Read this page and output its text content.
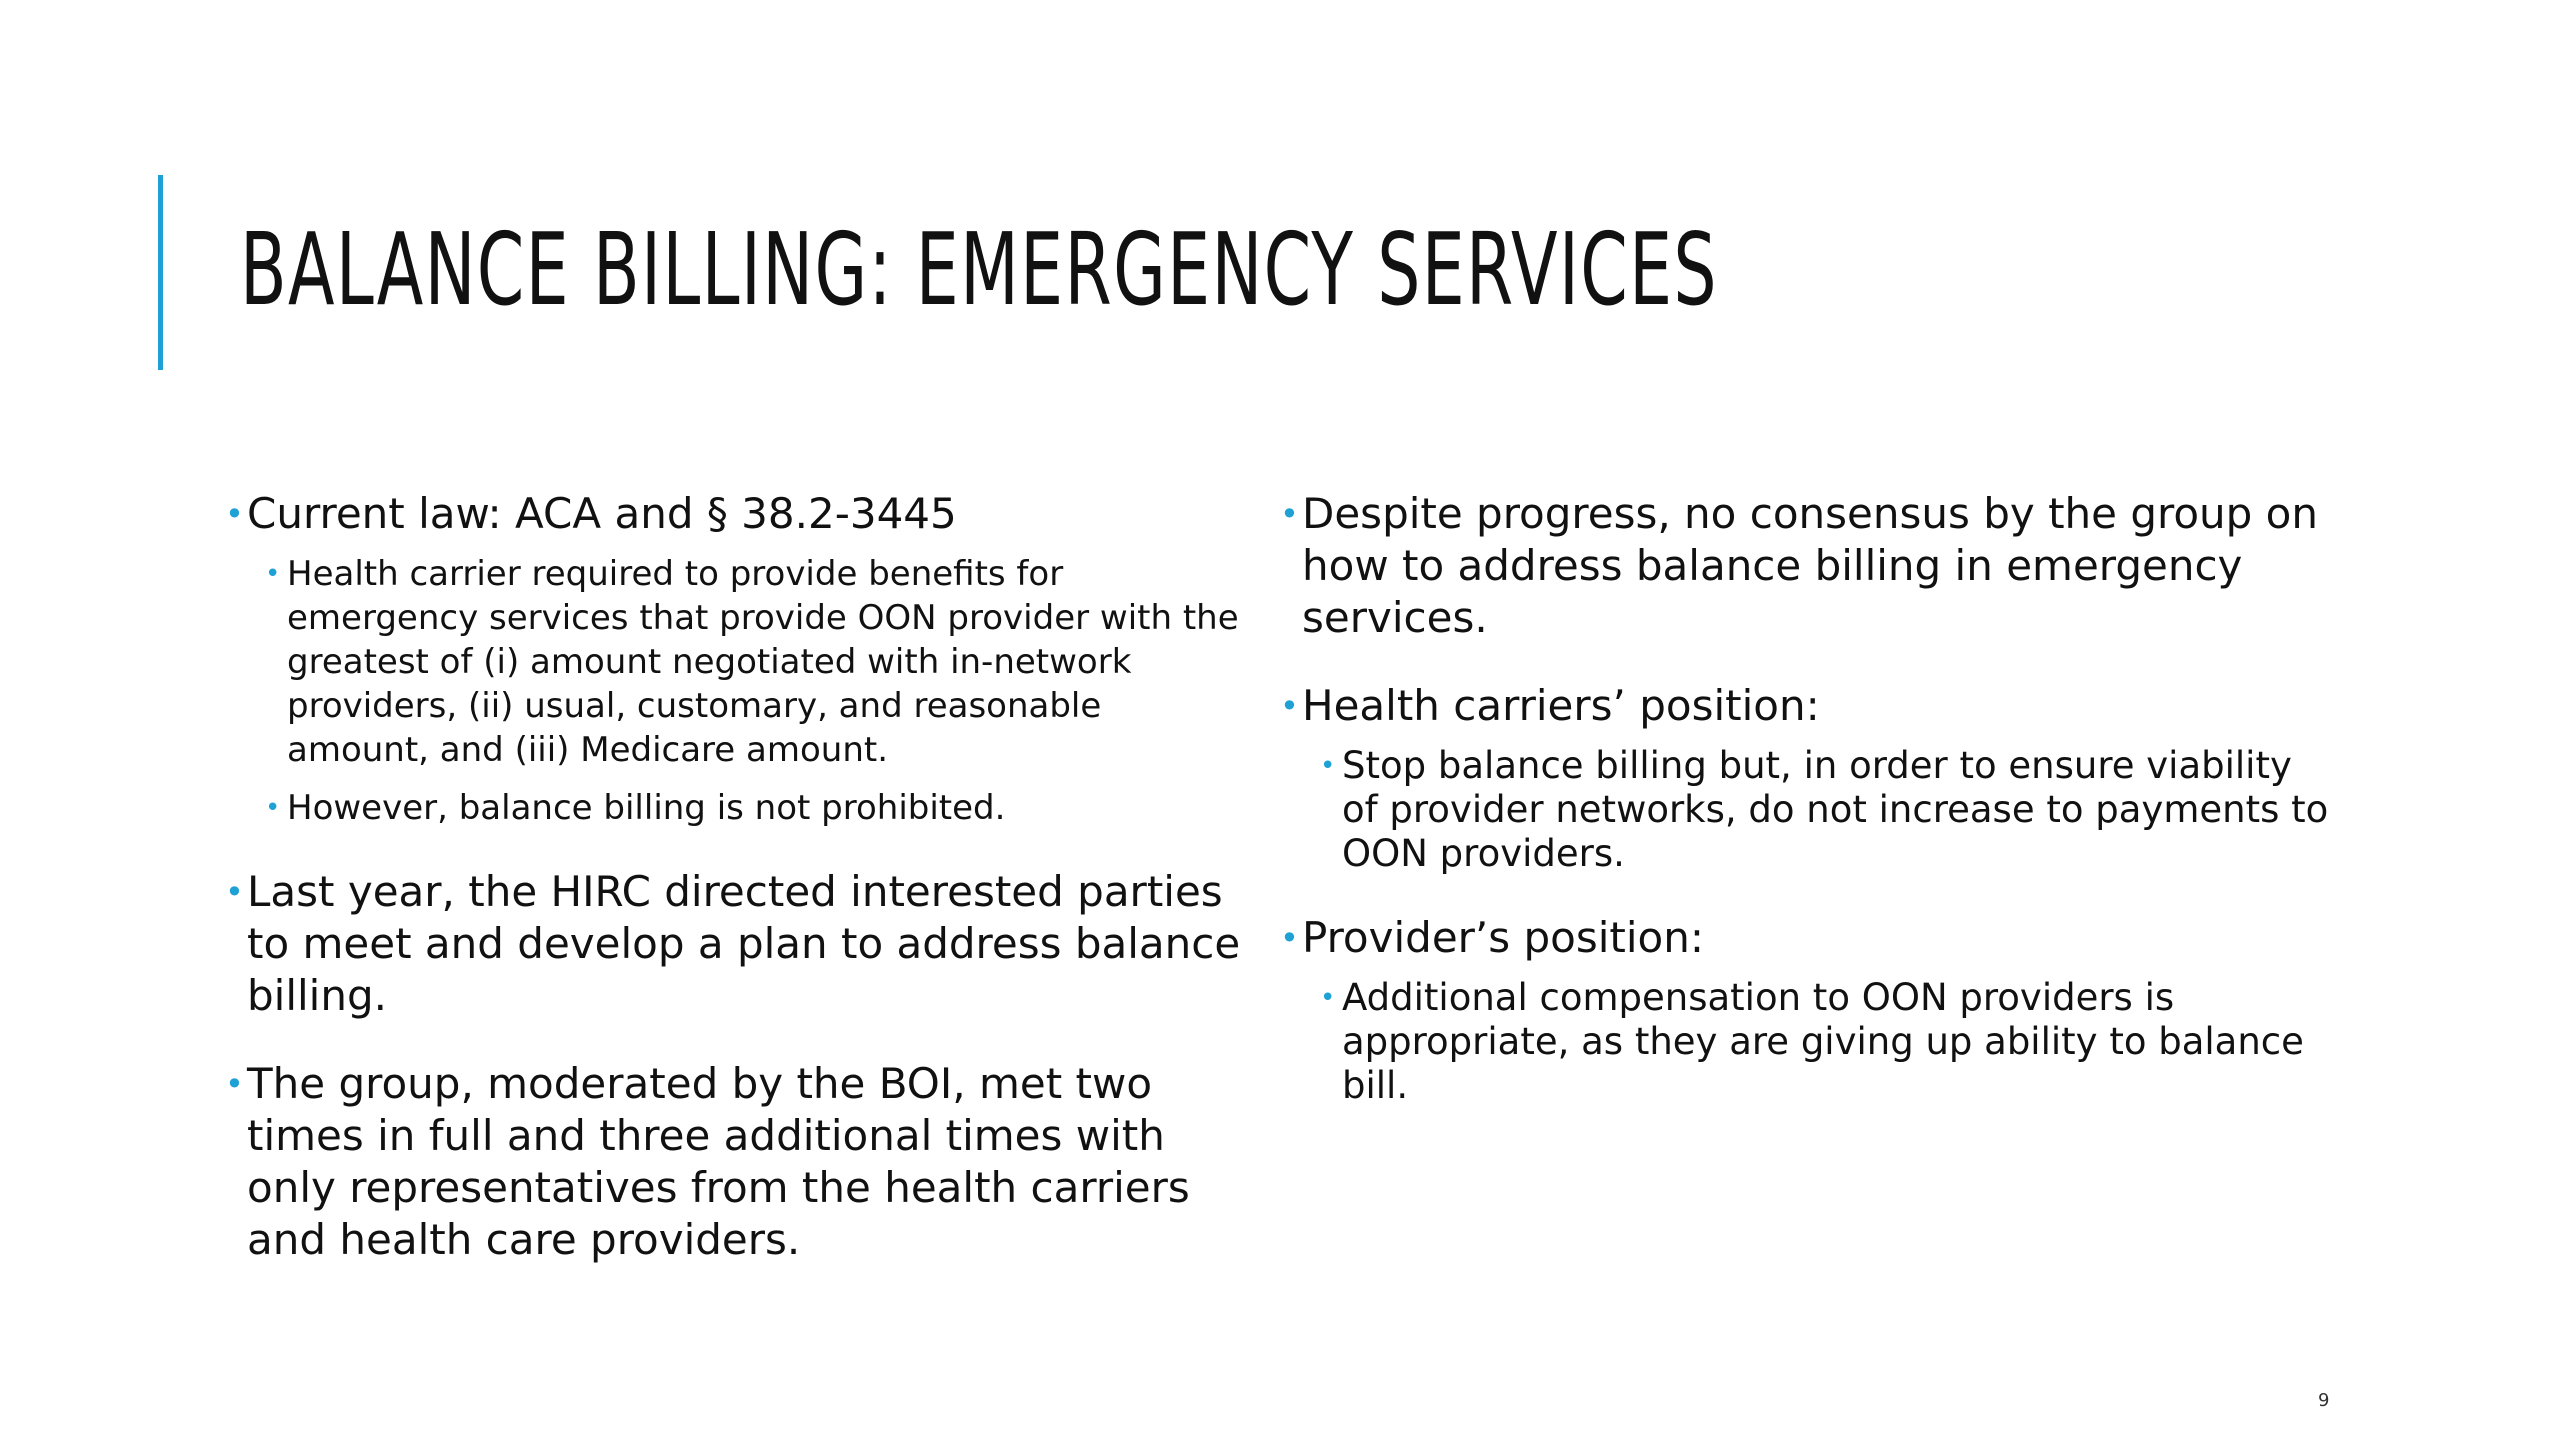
BALANCE BILLING: EMERGENCY SERVICES
• Current law: ACA and § 38.2-3445
• Health carrier required to provide benefits for emergency services that provide OON provider with the greatest of (i) amount negotiated with in-network providers, (ii) usual, customary, and reasonable amount, and (iii) Medicare amount.
• However, balance billing is not prohibited.
• Last year, the HIRC directed interested parties to meet and develop a plan to address balance billing.
• The group, moderated by the BOI, met two times in full and three additional times with only representatives from the health carriers and health care providers.
• Despite progress, no consensus by the group on how to address balance billing in emergency services.
• Health carriers’ position:
• Stop balance billing but, in order to ensure viability of provider networks, do not increase to payments to OON providers.
• Provider’s position:
• Additional compensation to OON providers is appropriate, as they are giving up ability to balance bill.
9
